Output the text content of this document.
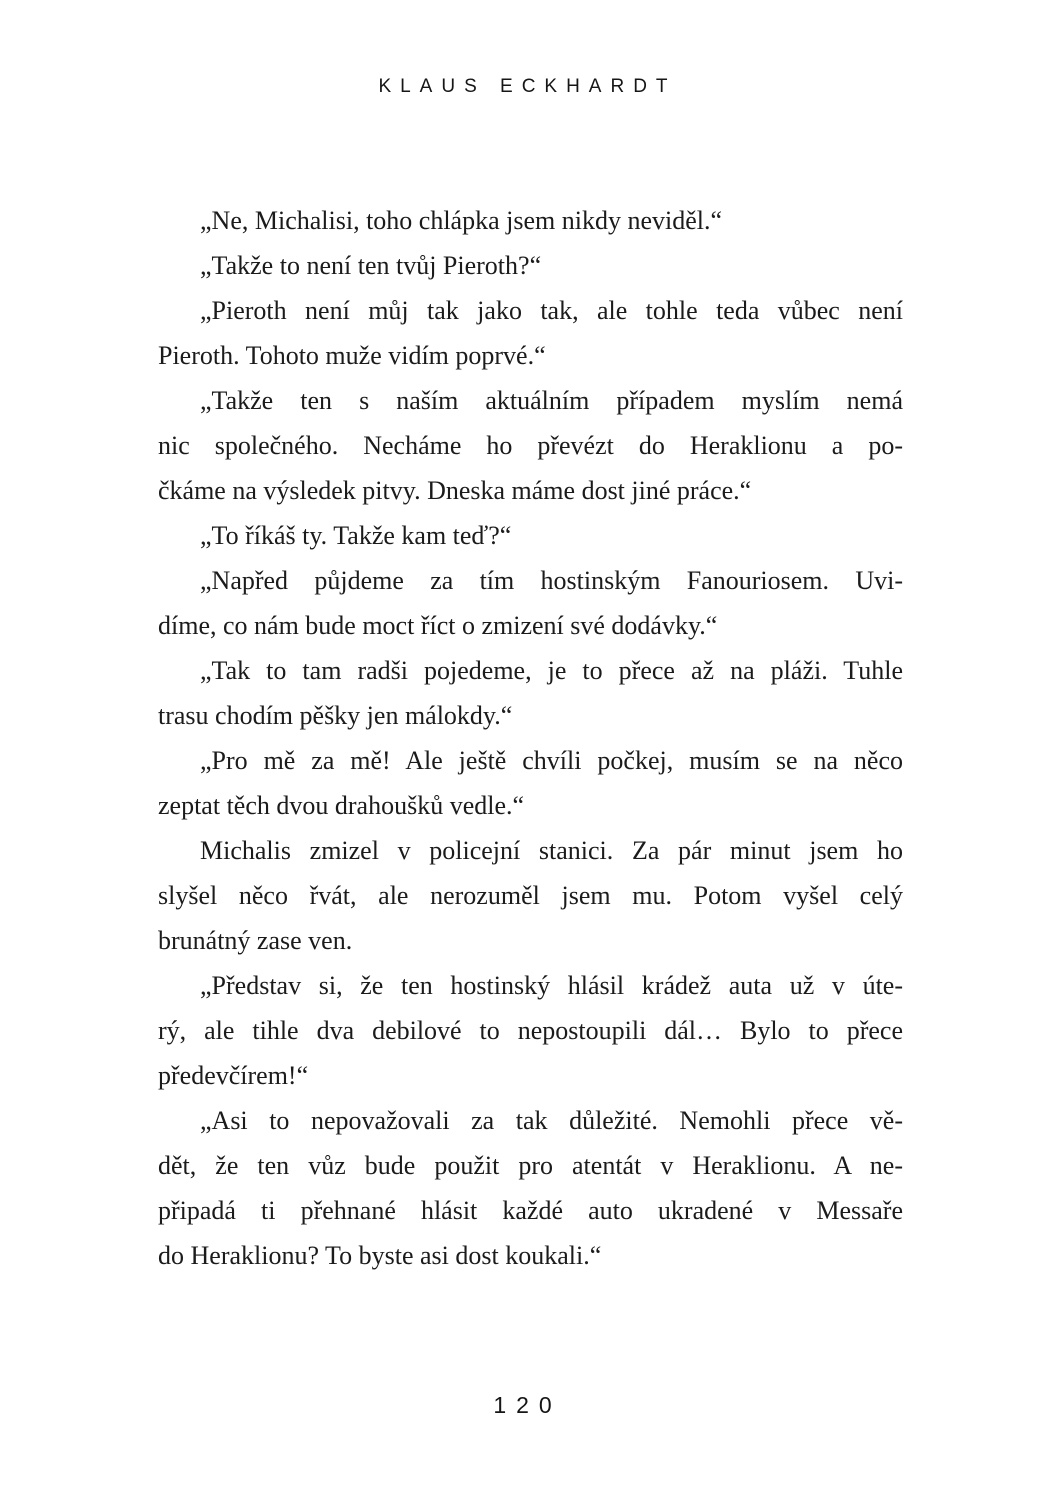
KLAUS ECKHARDT
„Ne, Michalisi, toho chlápka jsem nikdy neviděl.“
„Takže to není ten tvůj Pieroth?“
„Pieroth není můj tak jako tak, ale tohle teda vůbec není
Pieroth. Tohoto muže vidím poprvé.“
„Takže ten s naším aktuálním případem myslím nemá
nic společného. Necháme ho převézt do Heraklionu a po-
čkáme na výsledek pitvy. Dneska máme dost jiné práce.“
„To říkáš ty. Takže kam teď?“
„Napřed půjdeme za tím hostinským Fanouriosem. Uvi-
díme, co nám bude moct říct o zmizení své dodávky.“
„Tak to tam radši pojedeme, je to přece až na pláži. Tuhle
trasu chodím pěšky jen málokdy.“
„Pro mě za mě! Ale ještě chvíli počkej, musím se na něco
zeptat těch dvou drahoušků vedle.“
Michalis zmizel v policejní stanici. Za pár minut jsem ho
slyšel něco řvát, ale nerozuměl jsem mu. Potom vyšel celý
brunátný zase ven.
„Představ si, že ten hostinský hlásil krádež auta už v úte-
rý, ale tihle dva debilové to nepostoupili dál… Bylo to přece
předevčírem!“
„Asi to nepovažovali za tak důležité. Nemohli přece vě-
dět, že ten vůz bude použit pro atentát v Heraklionu. A ne-
připadá ti přehnané hlásit každé auto ukradené v Messaře
do Heraklionu? To byste asi dost koukali.“
120
